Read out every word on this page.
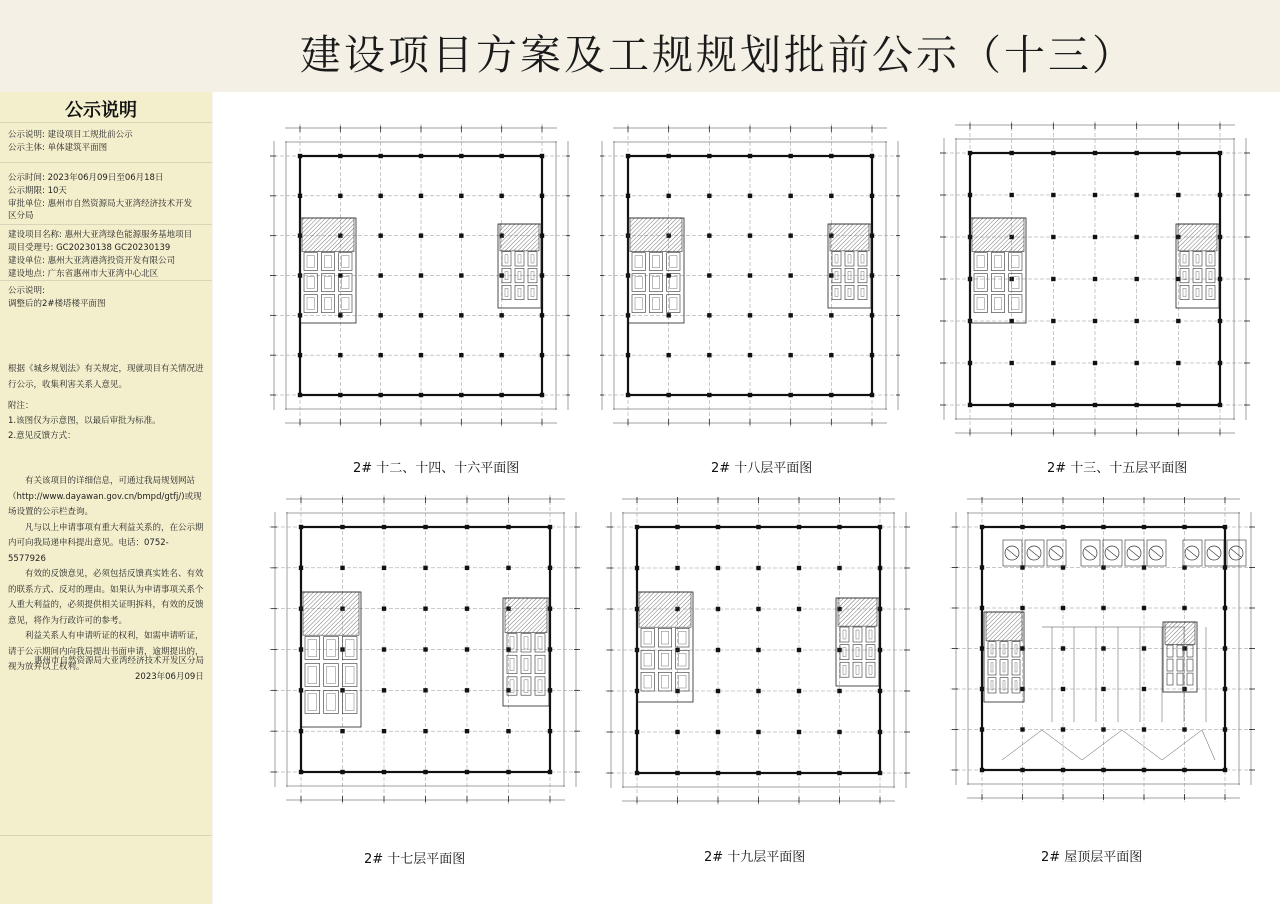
建设项目方案及工规规划批前公示（十三）
公示说明
公示说明: 建设项目工规批前公示
公示主体: 单体建筑平面图
公示时间: 2023年06月09日至06月18日
公示期限: 10天
审批单位: 惠州市自然资源局大亚湾经济技术开发
区分局
建设项目名称: 惠州大亚湾绿色能源服务基地项目
项目受理号: GC20230138 GC20230139
建设单位: 惠州大亚湾港湾投资开发有限公司
建设地点: 广东省惠州市大亚湾中心北区
公示说明:
调整后的2#楼塔楼平面图

根据《城乡规划法》有关规定，现就项目有关情况进行公示，收集利害关系人意见。

附注：
1.该图仅为示意图，以最后审批为标准。
2.意见反馈方式：

有关该项目的详细信息，可通过我局规划网站（http://www.dayawan.gov.cn/bmpd/gtfj/)或现场设置的公示栏查询。

凡与以上申请事项有重大利益关系的，在公示期内可向我局递申科提出意见。电话：0752-5577926

有效的反馈意见，必须包括反馈真实姓名、有效的联系方式、反对的理由。如果认为申请事项关系个人重大利益的，必须提供相关证明拆料，有效的反馈意见，将作为行政许可的参考。

利益关系人有申请听证的权利，如需申请听证，请于公示期间内向我局提出书面申请，逾期提出的，视为放弃以上权利。

惠州市自然资源局大亚湾经济技术开发区分局
2023年06月09日
2# 十二、十四、十六平面图	2# 十八层平面图	2# 十三、十五层平面图
2# 十七层平面图	2# 十九层平面图	2# 屋顶层平面图
